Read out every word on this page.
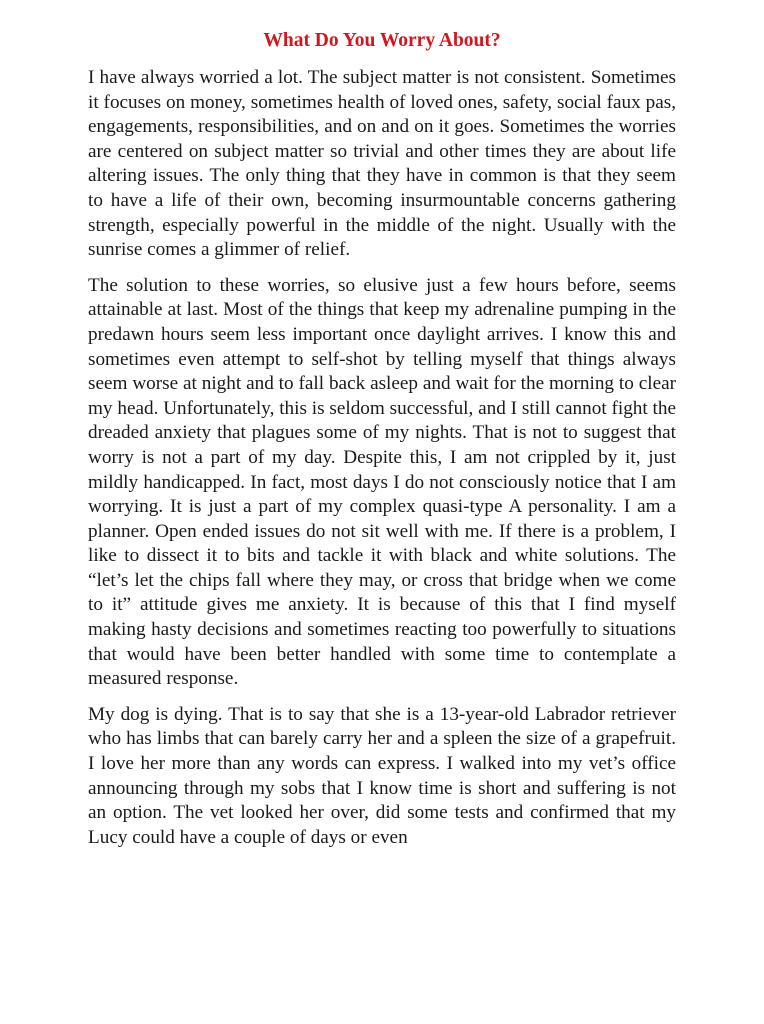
What Do You Worry About?

I have always worried a lot. The subject matter is not consistent. Sometimes it focuses on money, sometimes health of loved ones, safety, social faux pas, engagements, responsibilities, and on and on it goes. Sometimes the worries are centered on subject matter so trivial and other times they are about life altering issues. The only thing that they have in common is that they seem to have a life of their own, becoming insurmountable concerns gathering strength, especially powerful in the middle of the night. Usually with the sunrise comes a glimmer of relief.

The solution to these worries, so elusive just a few hours before, seems attainable at last. Most of the things that keep my adrenaline pumping in the predawn hours seem less important once daylight arrives. I know this and sometimes even attempt to self-shot by telling myself that things always seem worse at night and to fall back asleep and wait for the morning to clear my head. Unfortunately, this is seldom successful, and I still cannot fight the dreaded anxiety that plagues some of my nights. That is not to suggest that worry is not a part of my day. Despite this, I am not crippled by it, just mildly handicapped. In fact, most days I do not consciously notice that I am worrying. It is just a part of my complex quasi-type A personality. I am a planner. Open ended issues do not sit well with me. If there is a problem, I like to dissect it to bits and tackle it with black and white solutions. The “let’s let the chips fall where they may, or cross that bridge when we come to it” attitude gives me anxiety. It is because of this that I find myself making hasty decisions and sometimes reacting too powerfully to situations that would have been better handled with some time to contemplate a measured response.

My dog is dying. That is to say that she is a 13-year-old Labrador retriever who has limbs that can barely carry her and a spleen the size of a grapefruit. I love her more than any words can express. I walked into my vet’s office announcing through my sobs that I know time is short and suffering is not an option. The vet looked her over, did some tests and confirmed that my Lucy could have a couple of days or even
